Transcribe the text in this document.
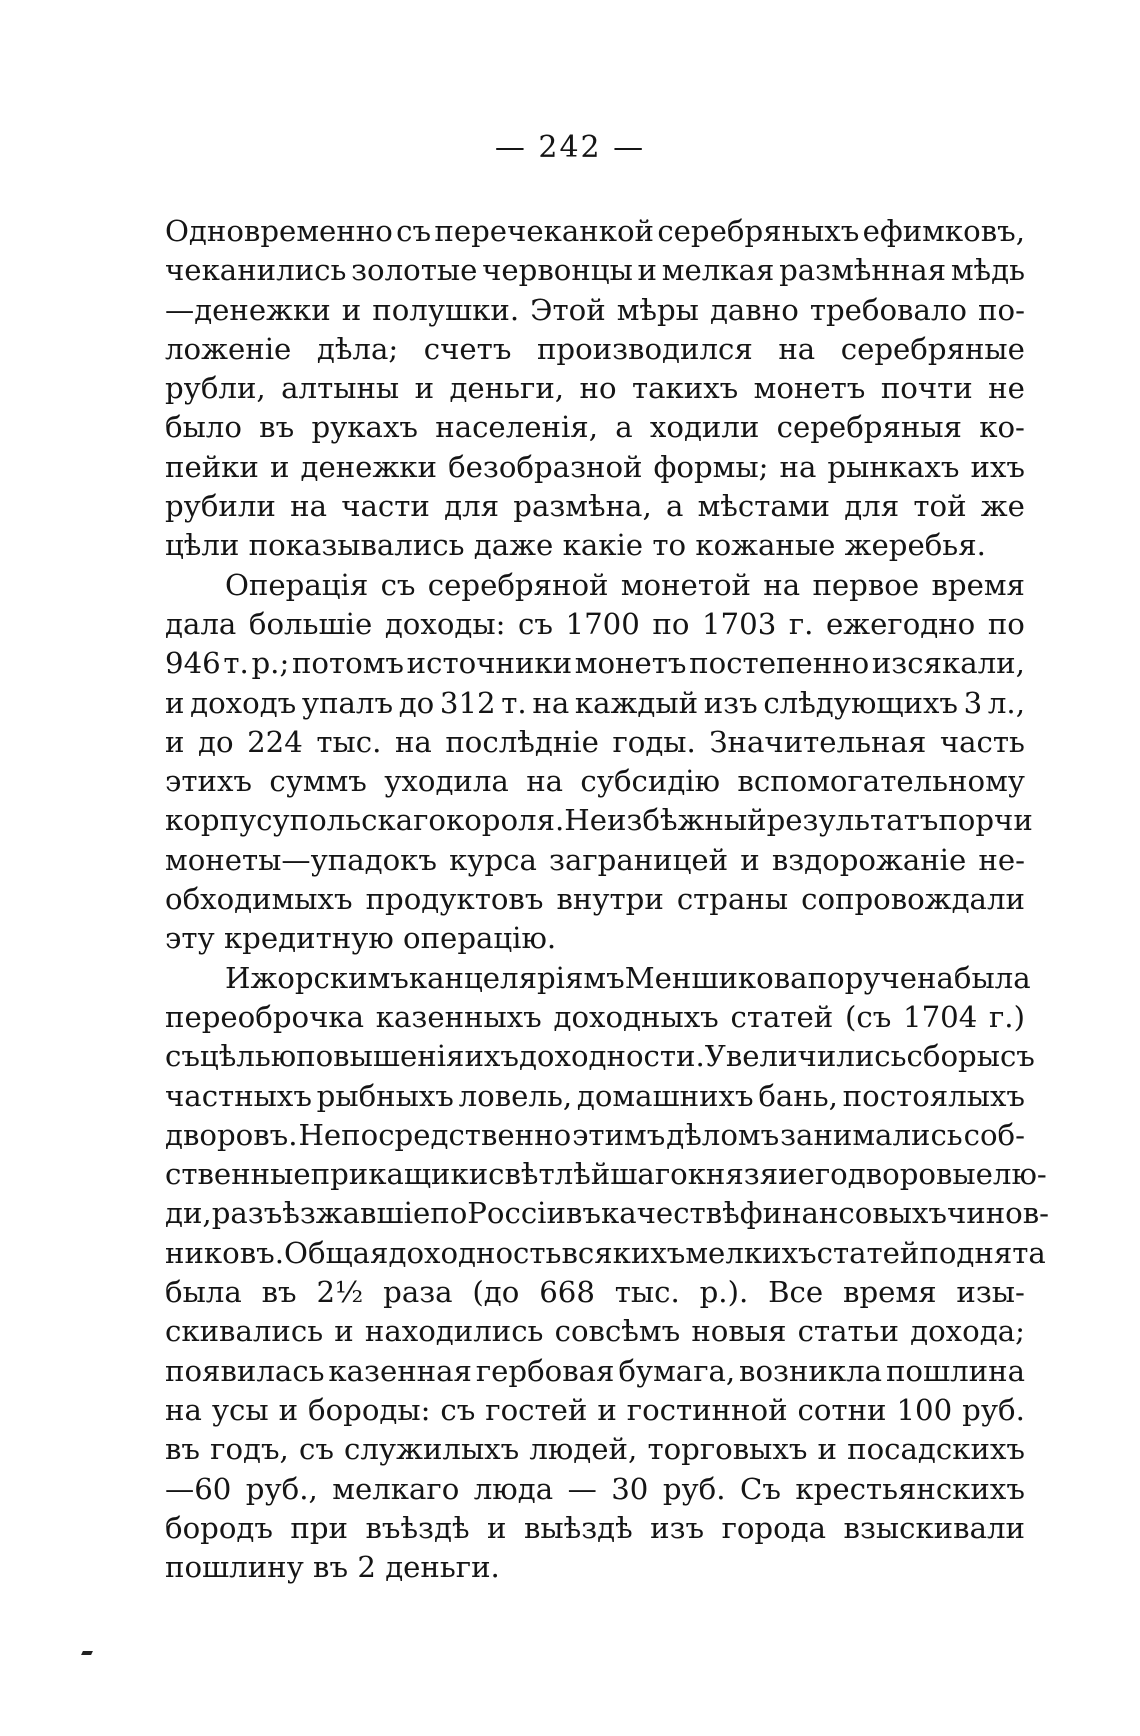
— 242 —
Одновременно съ перечеканкой серебряныхъ ефимковъ,
чеканились золотые червонцы и мелкая размѣнная мѣдь
—денежки и полушки. Этой мѣры давно требовало по-
ложеніе дѣла; счетъ производился на серебряные
рубли, алтыны и деньги, но такихъ монетъ почти не
было въ рукахъ населенія, а ходили серебряныя ко-
пейки и денежки безобразной формы; на рынкахъ ихъ
рубили на части для размѣна, а мѣстами для той же
цѣли показывались даже какіе то кожаные жеребья.
Операція съ серебряной монетой на первое время
дала большіе доходы: съ 1700 по 1703 г. ежегодно по
946 т. р.; потомъ источники монетъ постепенно изсякали,
и доходъ упалъ до 312 т. на каждый изъ слѣдующихъ 3 л.,
и до 224 тыс. на послѣдніе годы. Значительная часть
этихъ суммъ уходила на субсидію вспомогательному
корпусу польскаго короля. Неизбѣжный результатъ порчи
монеты—упадокъ курса заграницей и вздорожаніе не-
обходимыхъ продуктовъ внутри страны сопровождали
эту кредитную операцію.
Ижорскимъ канцеляріямъ Меншикова поручена была
переоброчка казенныхъ доходныхъ статей (съ 1704 г.)
съ цѣлью повышенія ихъ доходности. Увеличились сборы съ
частныхъ рыбныхъ ловель, домашнихъ бань, постоялыхъ
дворовъ. Непосредственно этимъ дѣломъ занимались соб-
ственные прикащики свѣтлѣйшаго князя и его дворовые лю-
ди, разъѣзжавшіе по Россіи въ качествѣ финансовыхъ чинов-
никовъ. Общая доходность всякихъ мелкихъ статей поднята
была въ 2½ раза (до 668 тыс. р.). Все время изы-
скивались и находились совсѣмъ новыя статьи дохода;
появилась казенная гербовая бумага, возникла пошлина
на усы и бороды: съ гостей и гостинной сотни 100 руб.
въ годъ, съ служилыхъ людей, торговыхъ и посадскихъ
—60 руб., мелкаго люда — 30 руб. Съ крестьянскихъ
бородъ при въѣздѣ и выѣздѣ изъ города взыскивали
пошлину въ 2 деньги.
